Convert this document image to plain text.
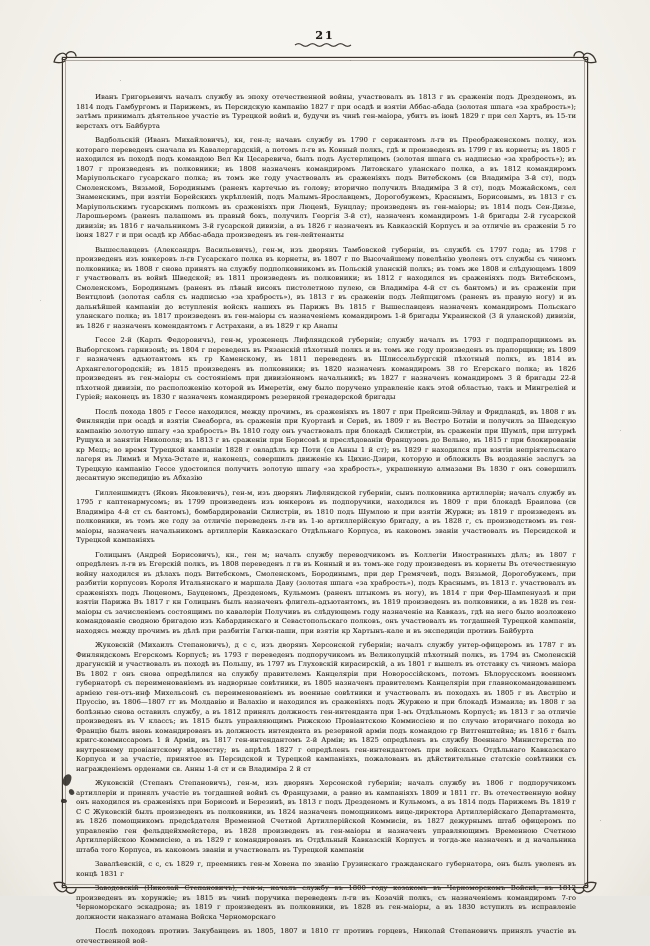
21

Иванъ Григорьевичъ началъ службу въ эпоху отечественной войны, участвовалъ въ 1813 г въ сраженіи подъ Дрезденомъ, въ 1814 подъ Гамбургомъ и Парижемъ, въ Персидскую кампанію 1827 г при осадѣ и взятіи Аббас-абада (золотая шпага «за храбрость»); затѣмъ принималъ дѣятельное участіе въ Турецкой войнѣ и, будучи въ чинѣ ген-маіора, убитъ въ іюнѣ 1829 г при сел Хартъ, въ 15-ти верстахъ отъ Байбурта

Вадбольскій (Иванъ Михайловичъ), кн, ген-л; начавъ службу въ 1790 г сержантомъ л-гв въ Преображенскомъ полку, изъ котораго переведенъ сначала въ Кавалергардскій, а потомъ л-гв въ Конный полкъ, гдѣ и произведенъ въ 1799 г въ корнеты; въ 1805 г находился въ походѣ подъ командою Вел Кн Цесаревича, былъ подъ Аустерлицомъ (золотая шпага съ надписью «за храбрость»); въ 1807 г произведенъ въ полковники; въ 1808 назначенъ командиромъ Литовскаго уланскаго полка, а въ 1812 командиромъ Маріупольскаго гусарскаго полка; въ томъ же году участвовалъ въ сраженіяхъ подъ Витебскомъ (св Владиміра 3-й ст), подъ Смоленскомъ, Вязьмой, Бородинымъ (раненъ картечью въ голову; вторично получилъ Владиміра 3 й ст), подъ Можайскомъ, сел Знаменскимъ, при взятіи Борейскихъ укрѣпленій, подъ Малымъ-Ярославцемъ, Дорогобужемъ, Краснымъ, Борисовымъ, въ 1813 г съ Маріупольскимъ гусарскимъ полкомъ въ сраженіяхъ при Люценѣ, Бунцлау; произведенъ въ ген-маіоры; въ 1814 подъ Сен-Дизье, Ларошьеромъ (раненъ палашомъ въ правый бокъ, получилъ Георгія 3-й ст), назначенъ командиромъ 1-й бригады 2-й гусарской дивизіи; въ 1816 г начальникомъ 3-й гусарской дивизіи, а въ 1826 г назначенъ въ Кавказскій Корпусъ и за отличіе въ сраженіи 5 го іюня 1827 г и при осадѣ кр Аббас-абада произведенъ въ ген-лейтенанты

Вышеславцевъ (Александръ Васильевичъ), ген-м, изъ дворянъ Тамбовской губерніи, въ службѣ съ 1797 года; въ 1798 г произведенъ изъ юнкеровъ л-гв Гусарскаго полка въ корнеты, въ 1807 г по Высочайшему повелѣнію уволенъ отъ службы съ чиномъ полковника; въ 1808 г снова принятъ на службу подполковникомъ въ Польскій уланскій полкъ; въ томъ же 1808 и слѣдующемъ 1809 г участвовалъ въ войнѣ Шведской; въ 1811 произведенъ въ полковники; въ 1812 г находился въ сраженіяхъ подъ Витебскомъ, Смоленскомъ, Бородинымъ (раненъ въ лѣвый високъ пистолетною пулею, св Владиміра 4-й ст съ бантомъ) и въ сраженіи при Вентцловѣ (золотая сабля съ надписью «за храбрость»), въ 1813 г въ сраженіи подъ Лейпцигомъ (раненъ въ правую ногу) и въ дальнѣйшей кампаніи до вступленія войскъ нашихъ въ Парижъ Въ 1815 г Вышеславцевъ назначенъ командиромъ Польскаго уланскаго полка; въ 1817 произведенъ въ ген-маіоры съ назначеніемъ командиромъ 1-й бригады Украинской (3 й уланской) дивизіи, въ 1826 г назначенъ комендантомъ г Астрахани, а въ 1829 г кр Анапы

Гессе 2-й (Карлъ Федоровичъ), ген-м, уроженецъ Лифляндской губерніи; службу началъ въ 1793 г подпрапорщикомъ въ Выборгскомъ гарнизонѣ; въ 1804 г переведенъ въ Рязанскій пѣхотный полкъ и въ томъ же году произведенъ въ прапорщики; въ 1809 г назначенъ адъютантомъ къ гр Каменскому, въ 1811 переведенъ въ Шлиссельбургскій пѣхотный полкъ, въ 1814 въ Архангелогородскій; въ 1815 произведенъ въ полковники; въ 1820 назначенъ командиромъ 38 го Егерскаго полка; въ 1826 произведенъ въ ген-маіоры съ состояніемъ при дивизіонномъ начальникѣ; въ 1827 г назначенъ командиромъ 3 й бригады 22-й пѣхотной дивизіи, по расположенію которой въ Имеретіи, ему было поручено управленіе какъ этой областью, такъ и Мингреліей и Гуріей; наконецъ въ 1830 г назначенъ командиромъ резервной гренадерской бригады

Послѣ похода 1805 г Гессе находился, между прочимъ, въ сраженіяхъ въ 1807 г при Прейсиш-Эйлау и Фридландѣ, въ 1808 г въ Финляндіи при осадѣ и взятіи Свеаборга, въ сраженіи при Куортанѣ и Сервѣ, въ 1809 г въ Вестро Ботніи и получилъ за Шведскую кампанію золотую шпагу «за храбрость» Въ 1810 году онъ участвовалъ при блокадѣ Силистріи, въ сраженіи при Шумлѣ, при штурмѣ Рущука и занятіи Никополя; въ 1813 г въ сраженіи при Борисовѣ и преслѣдованіи Французовъ до Вельно, въ 1815 г при блокированіи кр Мецъ; во время Турецкой кампаніи 1828 г овладѣлъ кр Поти (св Анны 1 й ст); въ 1829 г находился при взятіи непріятельскаго лагеря въ Лимнѣ и Муха-Эстате и, наконецъ, совершилъ движеніе къ Цихис-Дзири, которую и обложилъ Въ воздаяніе заслугъ за Турецкую кампанію Гессе удостоился получить золотую шпагу «за храбрость», украшенную алмазами Въ 1830 г онъ совершилъ десантную экспедицію въ Абхазію

Гилленшмидтъ (Яковъ Яковлевичъ), ген-м, изъ дворянъ Лифляндской губерніи, сынъ полковника артиллеріи; началъ службу въ 1795 г каптенармусомъ; въ 1799 произведенъ изъ юнкеровъ въ подпоручики, находился въ 1809 г при блокадѣ Браилова (св Владиміра 4-й ст съ бантомъ), бомбардированіи Силистріи, въ 1810 подъ Шумлою и при взятіи Журжи; въ 1819 г произведенъ въ полковники, въ томъ же году за отличіе переведенъ л-гв въ 1-ю артиллерійскую бригаду, а въ 1828 г, съ производствомъ въ ген-маіоры, назначенъ начальникомъ артиллеріи Кавказскаго Отдѣльнаго Корпуса, въ каковомъ званіи участвовалъ въ Персидской и Турецкой кампаніяхъ

Голицынъ (Андрей Борисовичъ), кн., ген м; началъ службу переводчикомъ въ Коллегіи Иностранныхъ дѣлъ; въ 1807 г опредѣленъ л-гв въ Егерскій полкъ, въ 1808 переведенъ л гв въ Конный и въ томъ-же году произведенъ въ корнеты Въ отечественную войну находился въ дѣлахъ подъ Витебскомъ, Смоленскомъ, Бородинымъ, при дер Гремячевѣ, подъ Вязьмой, Дорогобужемъ, при разбитіи корпусовъ Короля Итальянскаго и маршала Даву (золотая шпага «за храбрость»), подъ Краснымъ, въ 1813 г. участвовалъ въ сраженіяхъ подъ Люценомъ, Бауценомъ, Дрезденомъ, Кульмомъ (раненъ штыкомъ въ ногу), въ 1814 г при Фер-Шампенуазѣ и при взятіи Парижа Въ 1817 г кн Голицынъ былъ назначенъ флигель-адъютантомъ, въ 1819 произведенъ въ полковники, а въ 1828 въ ген-маіоры съ зачисленіемъ состоящимъ по кавалеріи Получивъ въ слѣдующемъ году назначеніе на Кавказъ, гдѣ на него было возложено командованіе сводною бригадою изъ Кабардинскаго и Севастопольскаго полковъ, онъ участвовалъ въ тогдашней Турецкой кампаніи, находясь между прочимъ въ дѣлѣ при разбитіи Гагки-паши, при взятіи кр Хартынъ-кале и въ экспедиціи противъ Байбурта

Жуковскій (Михаилъ Степановичъ), д с с, изъ дворянъ Херсонской губерніи; началъ службу унтер-офицеромъ въ 1787 г въ Финляндскомъ Егерскомъ Корпусѣ; въ 1793 г переведенъ подпоручикомъ въ Великолуцкій пѣхотный полкъ, въ 1794 въ Смоленскій драгунскій и участвовалъ въ походѣ въ Польшу, въ 1797 въ Глуховскій кирасирскій, а въ 1801 г вышелъ въ отставку съ чиномъ маіора Въ 1802 г онъ снова опредѣлился на службу правителемъ Канцеляріи при Новороссійскомъ, потомъ Бѣлорусскомъ военномъ губернаторѣ съ переименованіемъ въ надворные совѣтники, въ 1805 назначенъ правителемъ Канцеляріи при главнокомандовавшемъ арміею ген-отъ-инф Михельсонѣ съ переименованіемъ въ военные совѣтники и участвовалъ въ походахъ въ 1805 г въ Австрію и Пруссію, въ 1806—1807 гг въ Молдавію и Валахію и находился въ сраженіяхъ подъ Журжею и при блокадѣ Измаила; въ 1808 г за болѣзнью снова оставилъ службу, а въ 1812 принялъ должность ген-интенданта при 1-мъ Отдѣльномъ Корпусѣ; въ 1813 г за отличіе произведенъ въ V классъ; въ 1815 былъ управляющимъ Рижскою Провіантскою Коммиссіею и по случаю вторичнаго похода во Францію былъ вновь командированъ въ должность интендента въ резервной арміи подъ командою гр Витгенштейна; въ 1816 г былъ кригс-коммиссаромъ 1 й Арміи, въ 1817 ген-интендантомъ 2-й Арміи; въ 1825 опредѣленъ въ службу Военнаго Министерства по внутреннему провіантскому вѣдомству; въ апрѣлѣ 1827 г опредѣленъ ген-интендантомъ при войскахъ Отдѣльнаго Кавказскаго Корпуса и за участіе, принятое въ Персидской и Турецкой кампаніяхъ, пожалованъ въ дѣйствительные статскіе совѣтники съ награжденіемъ орденами св. Анны 1-й ст и св Владиміра 2 й ст

Жуковскій (Степанъ Степановичъ), ген-м, изъ дворянъ Херсонской губерніи; началъ службу въ 1806 г подпоручикомъ артиллеріи и принялъ участіе въ тогдашней войнѣ съ Французами, а равно въ кампаніяхъ 1809 и 1811 гг. Въ отечественную войну онъ находился въ сраженіяхъ при Борисовѣ и Березинѣ, въ 1813 г подъ Дрезденомъ и Кульмомъ, а въ 1814 подъ Парижемъ Въ 1819 г С С Жуковскій былъ произведенъ въ полковники, въ 1824 назначенъ помощникомъ вице-директора Артиллерійскаго Департамента, въ 1826 помощникомъ предсѣдателя Временной Счетной Артиллерійской Коммисіи, въ 1827 дежурнымъ штаб офицеромъ по управленію ген фельдцейхмейстера, въ 1828 произведенъ въ ген-маіоры и назначенъ управляющимъ Временною Счетною Артиллерійскою Коммисіею, а въ 1829 г командированъ въ Отдѣльный Кавказскій Корпусъ и тогда-же назначенъ и д начальника штаба того Корпуса, въ каковомъ званіи и участвовалъ въ Турецкой кампаніи

Завалѣевскій, с с, съ 1829 г, преемникъ ген-м Ховена по званію Грузинскаго гражданскаго губернатора, онъ былъ уволенъ въ концѣ 1831 г

Заводовскій (Николай Степановичъ), ген-м; началъ службу въ 1800 году козакомъ въ Черноморскомъ Войскѣ; въ 1812 произведенъ въ хорунжіе; въ 1815 въ чинѣ поручика переведенъ л-гв въ Козачій полкъ, съ назначеніемъ командиромъ 7-го Черноморскаго эскадрона; въ 1819 г произведенъ въ полковники, въ 1828 въ ген-маіоры, а въ 1830 вступилъ въ исправленіе должности наказнаго атамана Войска Черноморскаго

Послѣ походовъ противъ Закубанцевъ въ 1805, 1807 и 1810 гг противъ горцевъ, Николай Степановичъ принялъ участіе въ отечественной вой-
